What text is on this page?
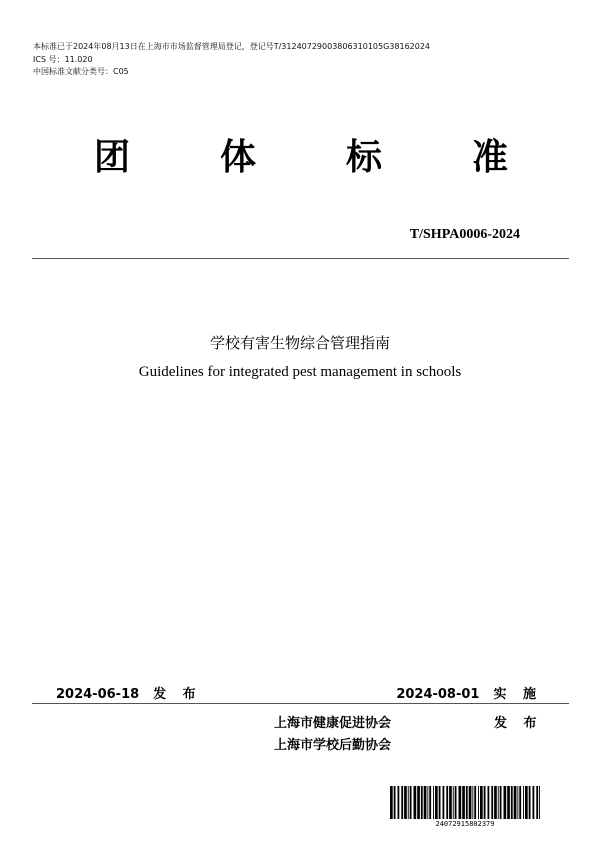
本标准已于2024年08月13日在上海市市场监督管理局登记，登记号T/312407290038063101​05G38162024
ICS 号：11.020
中国标准文献分类号：C05
团 体 标 准
T/SHPA0006-2024
学校有害生物综合管理指南
Guidelines for integrated pest management in schools
2024-06-18 发 布	2024-08-01 实 施
上海市健康促进协会
上海市学校后勤协会
发 布
24072915802379
